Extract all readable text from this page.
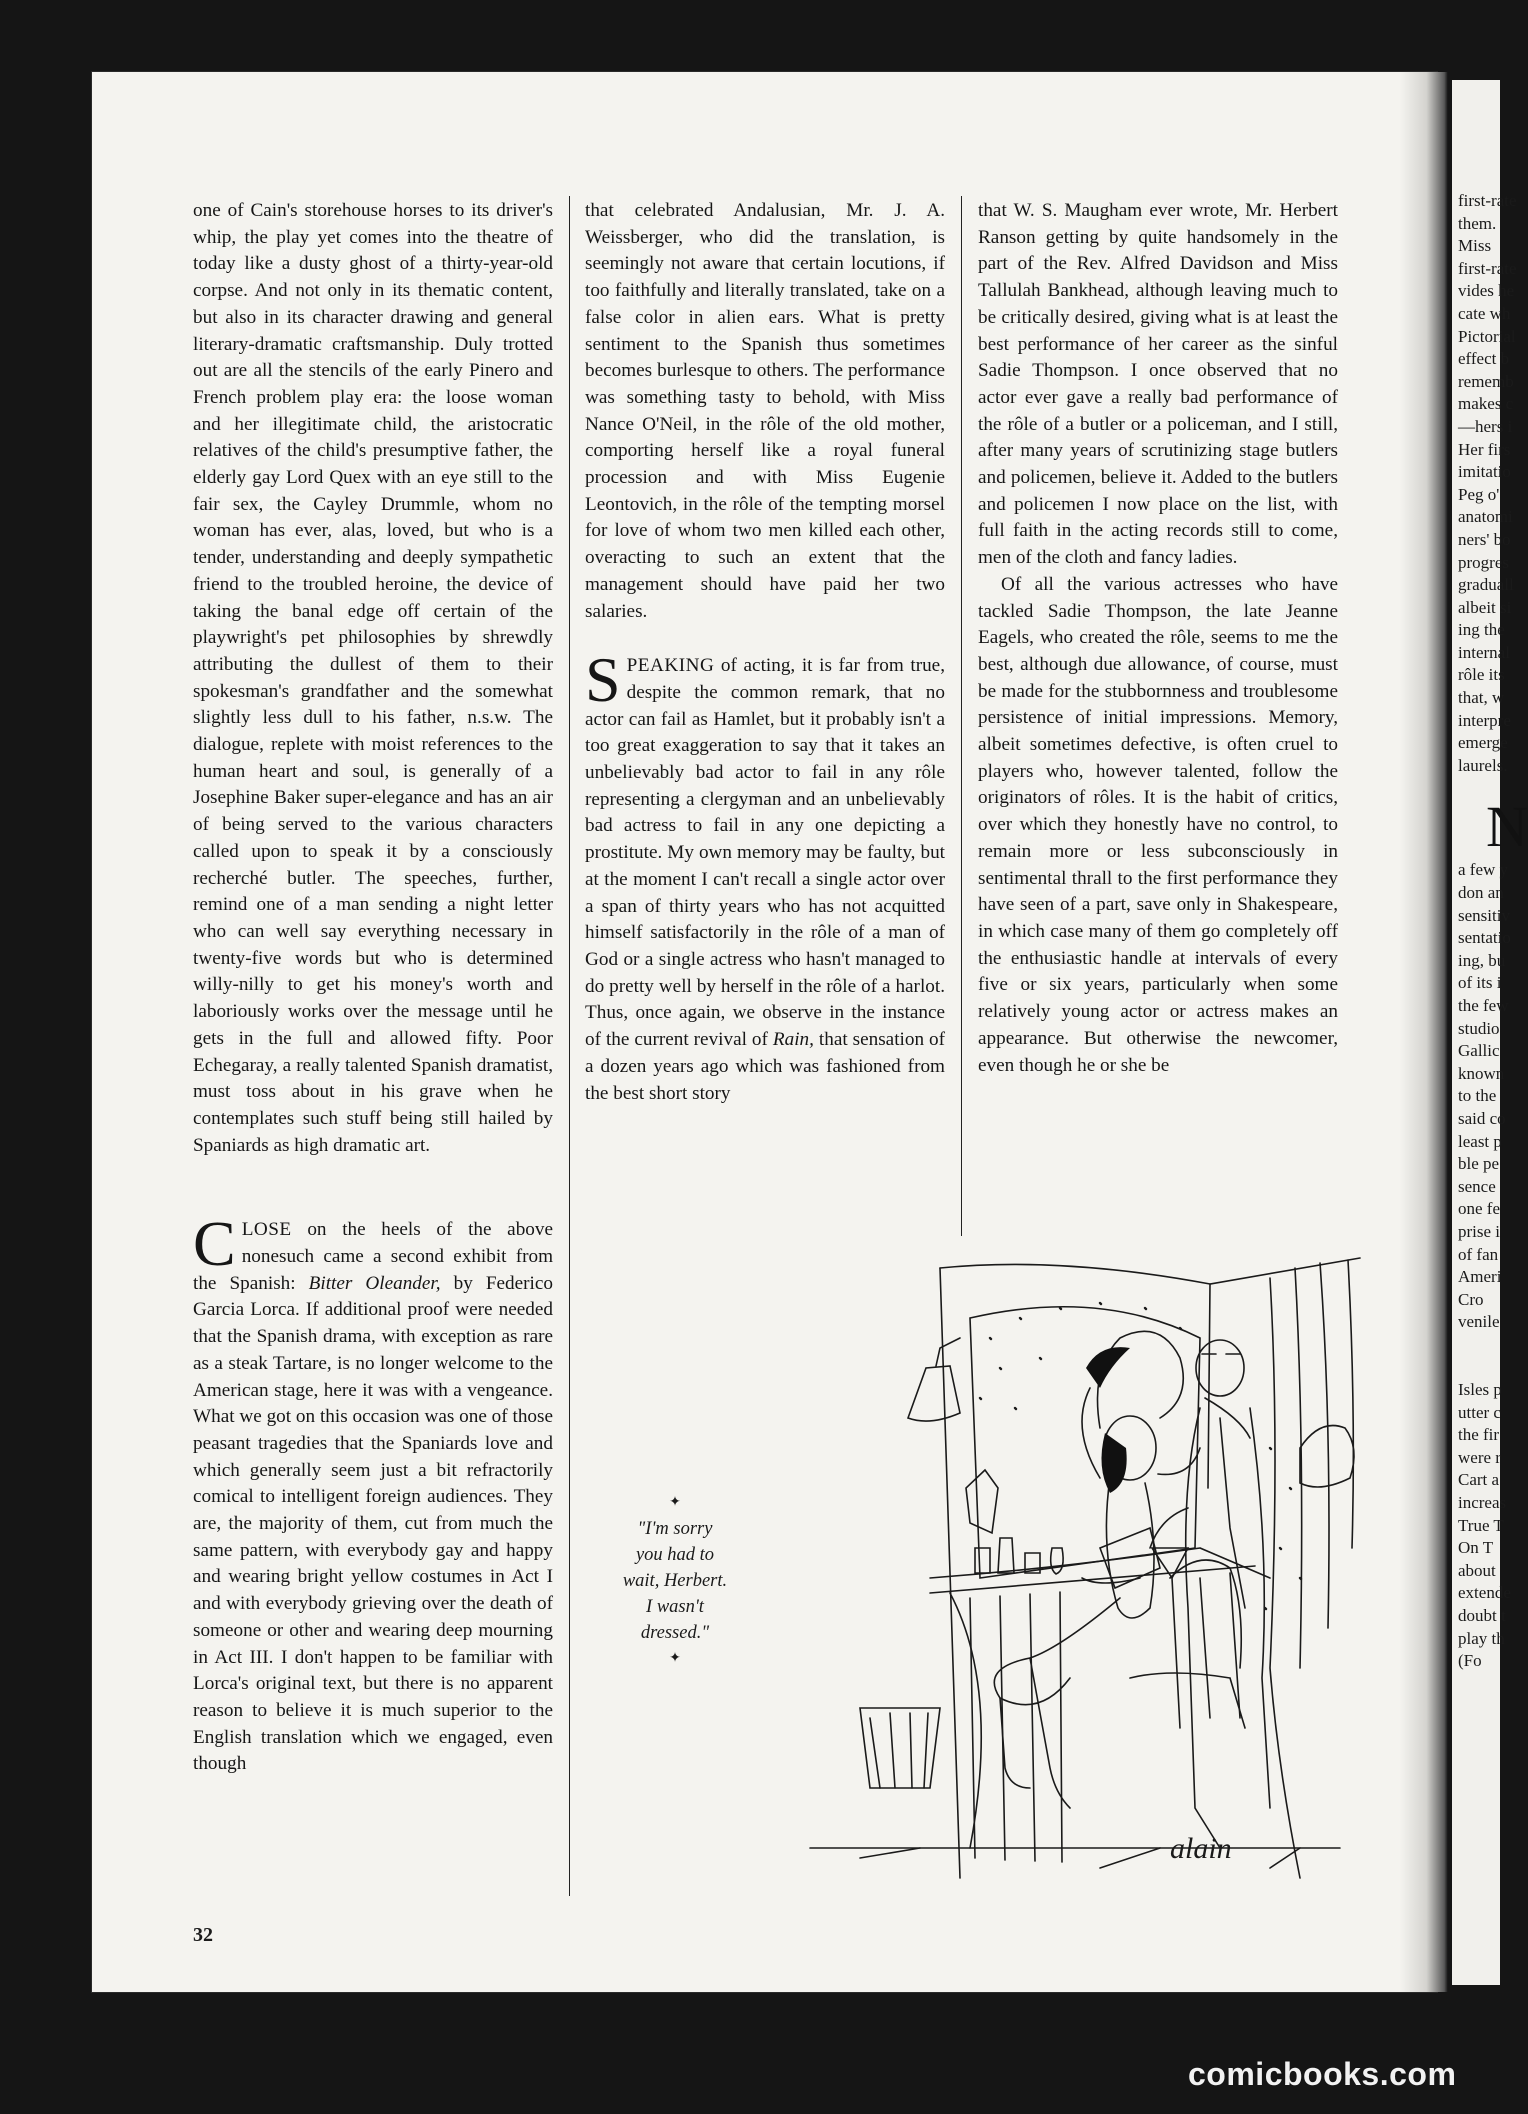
first-rate

them.

Miss

first-rate

vides he

cate wh

Pictorial

effect b

rememb

makes c

—hers i

Her firs

imitatio

Peg o'

anatomi

ners' bo

progres

graduall

albeit si

ing the

internal

rôle its

that, w

interpre

emerge

laurels.

N

a few y

don an

sensitiv

sentatio

ing, bu

of its i

the few

studio

Gallic

known

to the

said co

least p

ble pe

sence

one fe

prise i

of fan

Ameri

Cro

venile

Isles p

utter c

the fir

were r

Cart a

increas

True T

On T

about

extende

doubt t

play th

(Fo

one of Cain's storehouse horses to its driver's whip, the play yet comes into the theatre of today like a dusty ghost of a thirty-year-old corpse. And not only in its thematic content, but also in its character drawing and general literary-dramatic craftsmanship. Duly trotted out are all the stencils of the early Pinero and French problem play era: the loose woman and her illegitimate child, the aristocratic relatives of the child's presumptive father, the elderly gay Lord Quex with an eye still to the fair sex, the Cayley Drummle, whom no woman has ever, alas, loved, but who is a tender, understanding and deeply sympathetic friend to the troubled heroine, the device of taking the banal edge off certain of the playwright's pet philosophies by shrewdly attributing the dullest of them to their spokesman's grandfather and the somewhat slightly less dull to his father, n.s.w. The dialogue, replete with moist references to the human heart and soul, is generally of a Josephine Baker super-elegance and has an air of being served to the various characters called upon to speak it by a consciously recherché butler. The speeches, further, remind one of a man sending a night letter who can well say everything necessary in twenty-five words but who is determined willy-nilly to get his money's worth and laboriously works over the message until he gets in the full and allowed fifty. Poor Echegaray, a really talented Spanish dramatist, must toss about in his grave when he contemplates such stuff being still hailed by Spaniards as high dramatic art.

CLOSE on the heels of the above nonesuch came a second exhibit from the Spanish: Bitter Oleander, by Federico Garcia Lorca. If additional proof were needed that the Spanish drama, with exception as rare as a steak Tartare, is no longer welcome to the American stage, here it was with a vengeance. What we got on this occasion was one of those peasant tragedies that the Spaniards love and which generally seem just a bit refractorily comical to intelligent foreign audiences. They are, the majority of them, cut from much the same pattern, with everybody gay and happy and wearing bright yellow costumes in Act I and with everybody grieving over the death of someone or other and wearing deep mourning in Act III. I don't happen to be familiar with Lorca's original text, but there is no apparent reason to believe it is much superior to the English translation which we engaged, even though

that celebrated Andalusian, Mr. J. A. Weissberger, who did the translation, is seemingly not aware that certain locutions, if too faithfully and literally translated, take on a false color in alien ears. What is pretty sentiment to the Spanish thus sometimes becomes burlesque to others. The performance was something tasty to behold, with Miss Nance O'Neil, in the rôle of the old mother, comporting herself like a royal funeral procession and with Miss Eugenie Leontovich, in the rôle of the tempting morsel for love of whom two men killed each other, overacting to such an extent that the management should have paid her two salaries.

SPEAKING of acting, it is far from true, despite the common remark, that no actor can fail as Hamlet, but it probably isn't a too great exaggeration to say that it takes an unbelievably bad actor to fail in any rôle representing a clergyman and an unbelievably bad actress to fail in any one depicting a prostitute. My own memory may be faulty, but at the moment I can't recall a single actor over a span of thirty years who has not acquitted himself satisfactorily in the rôle of a man of God or a single actress who hasn't managed to do pretty well by herself in the rôle of a harlot. Thus, once again, we observe in the instance of the current revival of Rain, that sensation of a dozen years ago which was fashioned from the best short story

that W. S. Maugham ever wrote, Mr. Herbert Ranson getting by quite handsomely in the part of the Rev. Alfred Davidson and Miss Tallulah Bankhead, although leaving much to be critically desired, giving what is at least the best performance of her career as the sinful Sadie Thompson. I once observed that no actor ever gave a really bad performance of the rôle of a butler or a policeman, and I still, after many years of scrutinizing stage butlers and policemen, believe it. Added to the butlers and policemen I now place on the list, with full faith in the acting records still to come, men of the cloth and fancy ladies.

Of all the various actresses who have tackled Sadie Thompson, the late Jeanne Eagels, who created the rôle, seems to me the best, although due allowance, of course, must be made for the stubbornness and troublesome persistence of initial impressions. Memory, albeit sometimes defective, is often cruel to players who, however talented, follow the originators of rôles. It is the habit of critics, over which they honestly have no control, to remain more or less subconsciously in sentimental thrall to the first performance they have seen of a part, save only in Shakespeare, in which case many of them go completely off the enthusiastic handle at intervals of every five or six years, particularly when some relatively young actor or actress makes an appearance. But otherwise the newcomer, even though he or she be

✦
"I'm sorry
you had to
wait, Herbert.
I wasn't
dressed."
✦
alain
32
comicbooks.com
